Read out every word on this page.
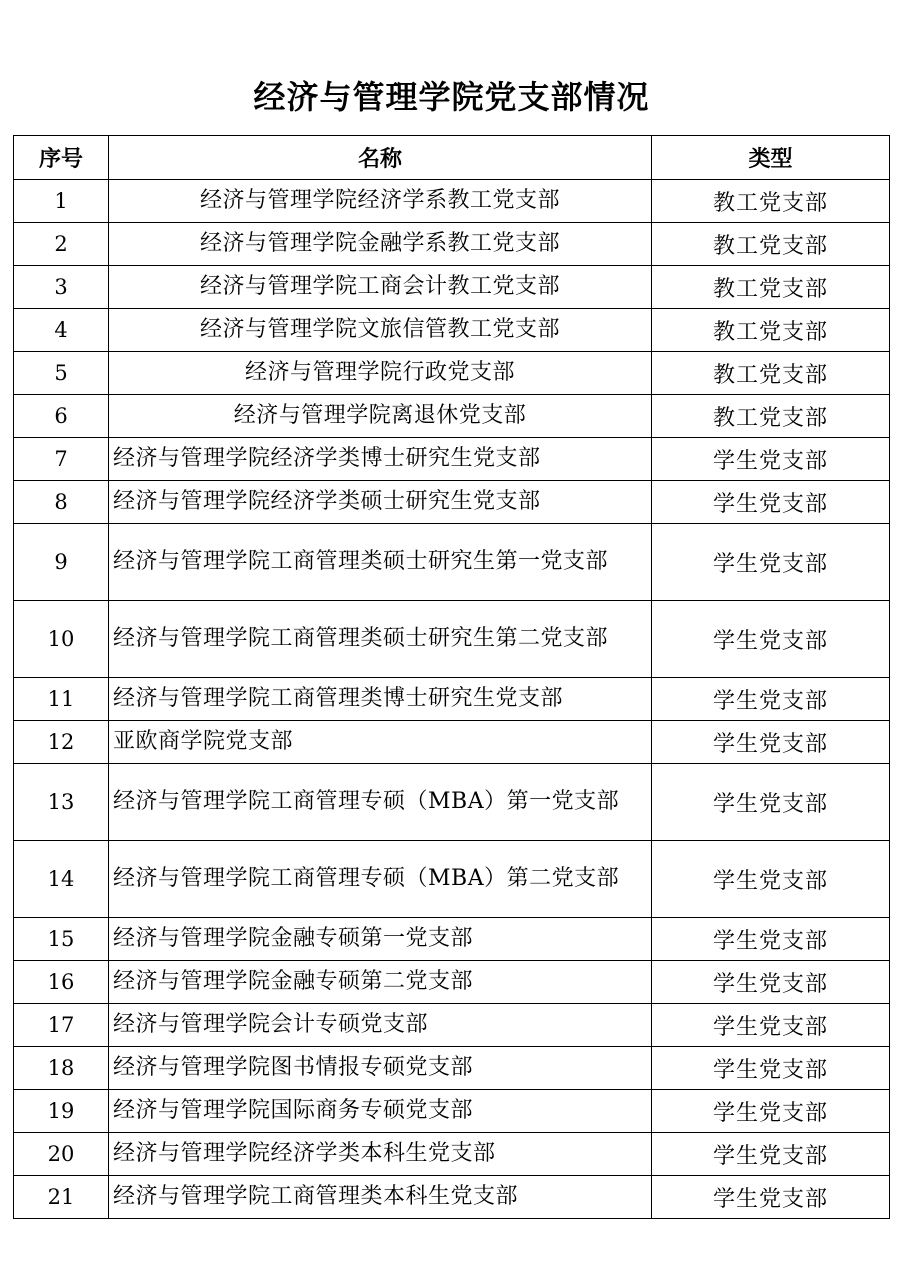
经济与管理学院党支部情况
序号	名称	类型
1	经济与管理学院经济学系教工党支部	教工党支部
2	经济与管理学院金融学系教工党支部	教工党支部
3	经济与管理学院工商会计教工党支部	教工党支部
4	经济与管理学院文旅信管教工党支部	教工党支部
5	经济与管理学院行政党支部	教工党支部
6	经济与管理学院离退休党支部	教工党支部
7	经济与管理学院经济学类博士研究生党支部	学生党支部
8	经济与管理学院经济学类硕士研究生党支部	学生党支部
9	经济与管理学院工商管理类硕士研究生第一党支部	学生党支部
10	经济与管理学院工商管理类硕士研究生第二党支部	学生党支部
11	经济与管理学院工商管理类博士研究生党支部	学生党支部
12	亚欧商学院党支部	学生党支部
13	经济与管理学院工商管理专硕（MBA）第一党支部	学生党支部
14	经济与管理学院工商管理专硕（MBA）第二党支部	学生党支部
15	经济与管理学院金融专硕第一党支部	学生党支部
16	经济与管理学院金融专硕第二党支部	学生党支部
17	经济与管理学院会计专硕党支部	学生党支部
18	经济与管理学院图书情报专硕党支部	学生党支部
19	经济与管理学院国际商务专硕党支部	学生党支部
20	经济与管理学院经济学类本科生党支部	学生党支部
21	经济与管理学院工商管理类本科生党支部	学生党支部
